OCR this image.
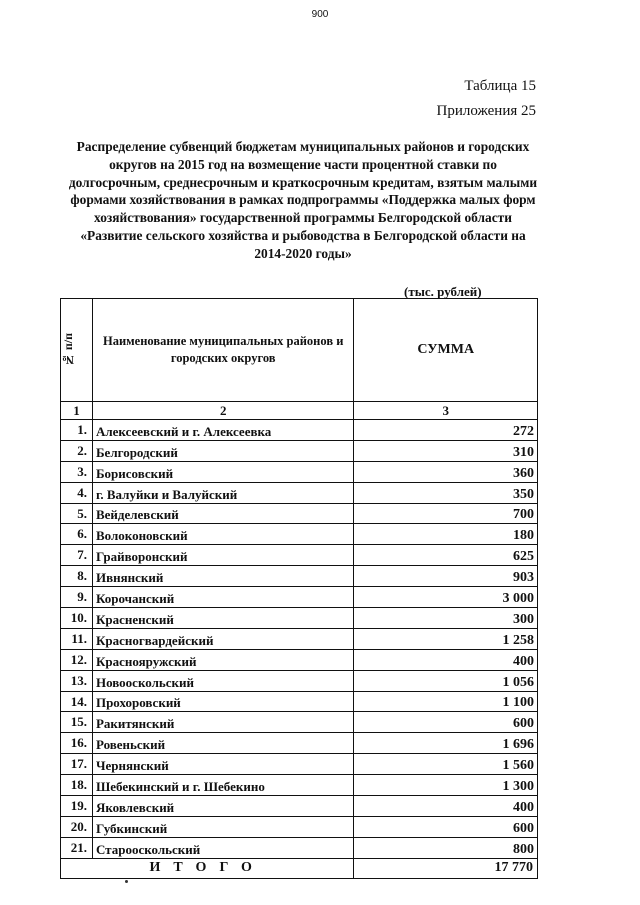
900
Таблица 15
Приложения 25
Распределение субвенций бюджетам муниципальных районов и городских округов на 2015 год на возмещение части процентной ставки по долгосрочным, среднесрочным и краткосрочным кредитам, взятым малыми формами хозяйствования в рамках подпрограммы «Поддержка малых форм хозяйствования» государственной программы Белгородской области «Развитие сельского хозяйства и рыбоводства в Белгородской области на 2014-2020 годы»
(тыс. рублей)
№ п/п	Наименование муниципальных районов и городских округов	СУММА
1	2	3
1.	Алексеевский и г. Алексеевка	272
2.	Белгородский	310
3.	Борисовский	360
4.	г. Валуйки и Валуйский	350
5.	Вейделевский	700
6.	Волоконовский	180
7.	Грайворонский	625
8.	Ивнянский	903
9.	Корочанский	3 000
10.	Красненский	300
11.	Красногвардейский	1 258
12.	Краснояружский	400
13.	Новооскольский	1 056
14.	Прохоровский	1 100
15.	Ракитянский	600
16.	Ровеньский	1 696
17.	Чернянский	1 560
18.	Шебекинский и г. Шебекино	1 300
19.	Яковлевский	400
20.	Губкинский	600
21.	Старооскольский	800
ИТОГО		17 770
